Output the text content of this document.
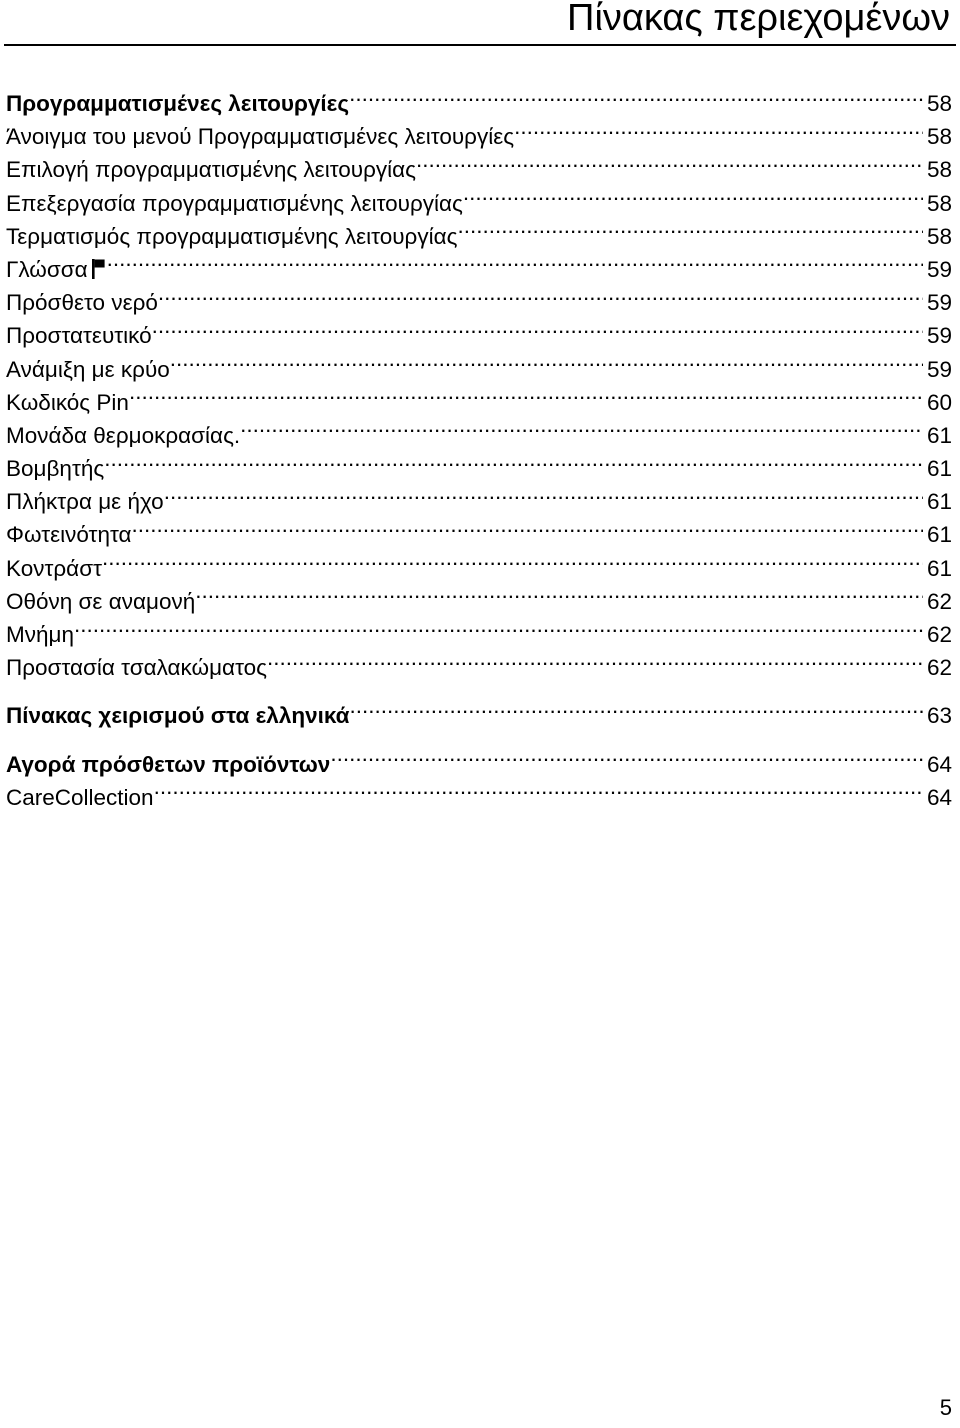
Πίνακας περιεχομένων
Προγραμματισμένες λειτουργίες .....	58
Άνοιγμα του μενού Προγραμματισμένες λειτουργίες .....	58
Επιλογή προγραμματισμένης λειτουργίας .....	58
Επεξεργασία προγραμματισμένης λειτουργίας .....	58
Τερματισμός προγραμματισμένης λειτουργίας .....	58
Γλώσσα .....	59
Πρόσθετο νερό .....	59
Προστατευτικό .....	59
Ανάμιξη με κρύο .....	59
Κωδικός Pin .....	60
Μονάδα θερμοκρασίας. .....	61
Βομβητής .....	61
Πλήκτρα με ήχο .....	61
Φωτεινότητα .....	61
Κοντράστ .....	61
Οθόνη σε αναμονή .....	62
Μνήμη .....	62
Προστασία τσαλακώματος .....	62
Πίνακας χειρισμού στα ελληνικά .....	63
Αγορά πρόσθετων προϊόντων .....	64
CareCollection .....	64
5
